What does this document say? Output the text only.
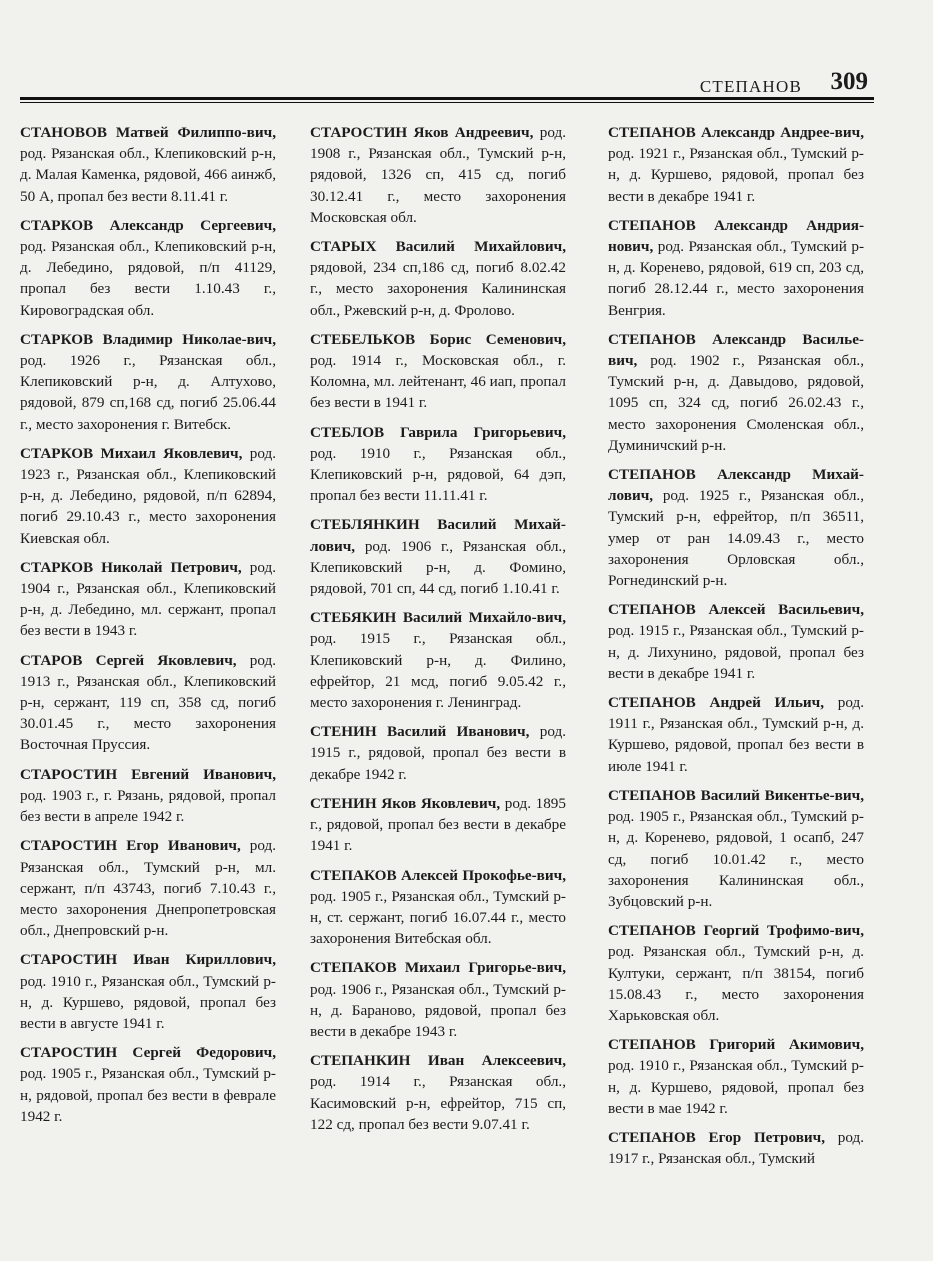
СТЕПАНОВ 309

СТАНОВОВ Матвей Филиппо-вич, род. Рязанская обл., Клепиковский р-н, д. Малая Каменка, рядовой, 466 аинжб, 50 А, пропал без вести 8.11.41 г.

СТАРКОВ Александр Сергеевич, род. Рязанская обл., Клепиковский р-н, д. Лебедино, рядовой, п/п 41129, пропал без вести 1.10.43 г., Кировоградская обл.

СТАРКОВ Владимир Николае-вич, род. 1926 г., Рязанская обл., Клепиковский р-н, д. Алтухово, рядовой, 879 сп,168 сд, погиб 25.06.44 г., место захоронения г. Витебск.

СТАРКОВ Михаил Яковлевич, род. 1923 г., Рязанская обл., Клепиковский р-н, д. Лебедино, рядовой, п/п 62894, погиб 29.10.43 г., место захоронения Киевская обл.

СТАРКОВ Николай Петрович, род. 1904 г., Рязанская обл., Клепиковский р-н, д. Лебедино, мл. сержант, пропал без вести в 1943 г.

СТАРОВ Сергей Яковлевич, род. 1913 г., Рязанская обл., Клепиковский р-н, сержант, 119 сп, 358 сд, погиб 30.01.45 г., место захоронения Восточная Пруссия.

СТАРОСТИН Евгений Иванович, род. 1903 г., г. Рязань, рядовой, пропал без вести в апреле 1942 г.

СТАРОСТИН Егор Иванович, род. Рязанская обл., Тумский р-н, мл. сержант, п/п 43743, погиб 7.10.43 г., место захоронения Днепропетровская обл., Днепровский р-н.

СТАРОСТИН Иван Кириллович, род. 1910 г., Рязанская обл., Тумский р-н, д. Куршево, рядовой, пропал без вести в августе 1941 г.

СТАРОСТИН Сергей Федорович, род. 1905 г., Рязанская обл., Тумский р-н, рядовой, пропал без вести в феврале 1942 г.

СТАРОСТИН Яков Андреевич, род. 1908 г., Рязанская обл., Тумский р-н, рядовой, 1326 сп, 415 сд, погиб 30.12.41 г., место захоронения Московская обл.

СТАРЫХ Василий Михайлович, рядовой, 234 сп,186 сд, погиб 8.02.42 г., место захоронения Калининская обл., Ржевский р-н, д. Фролово.

СТЕБЕЛЬКОВ Борис Семенович, род. 1914 г., Московская обл., г. Коломна, мл. лейтенант, 46 иап, пропал без вести в 1941 г.

СТЕБЛОВ Гаврила Григорьевич, род. 1910 г., Рязанская обл., Клепиковский р-н, рядовой, 64 дэп, пропал без вести 11.11.41 г.

СТЕБЛЯНКИН Василий Михай-лович, род. 1906 г., Рязанская обл., Клепиковский р-н, д. Фомино, рядовой, 701 сп, 44 сд, погиб 1.10.41 г.

СТЕБЯКИН Василий Михайло-вич, род. 1915 г., Рязанская обл., Клепиковский р-н, д. Филино, ефрейтор, 21 мсд, погиб 9.05.42 г., место захоронения г. Ленинград.

СТЕНИН Василий Иванович, род. 1915 г., рядовой, пропал без вести в декабре 1942 г.

СТЕНИН Яков Яковлевич, род. 1895 г., рядовой, пропал без вести в декабре 1941 г.

СТЕПАКОВ Алексей Прокофье-вич, род. 1905 г., Рязанская обл., Тумский р-н, ст. сержант, погиб 16.07.44 г., место захоронения Витебская обл.

СТЕПАКОВ Михаил Григорье-вич, род. 1906 г., Рязанская обл., Тумский р-н, д. Бараново, рядовой, пропал без вести в декабре 1943 г.

СТЕПАНКИН Иван Алексеевич, род. 1914 г., Рязанская обл., Касимовский р-н, ефрейтор, 715 сп, 122 сд, пропал без вести 9.07.41 г.

СТЕПАНОВ Александр Андрее-вич, род. 1921 г., Рязанская обл., Тумский р-н, д. Куршево, рядовой, пропал без вести в декабре 1941 г.

СТЕПАНОВ Александр Андрия-нович, род. Рязанская обл., Тумский р-н, д. Коренево, рядовой, 619 сп, 203 сд, погиб 28.12.44 г., место захоронения Венгрия.

СТЕПАНОВ Александр Василье-вич, род. 1902 г., Рязанская обл., Тумский р-н, д. Давыдово, рядовой, 1095 сп, 324 сд, погиб 26.02.43 г., место захоронения Смоленская обл., Думиничский р-н.

СТЕПАНОВ Александр Михай-лович, род. 1925 г., Рязанская обл., Тумский р-н, ефрейтор, п/п 36511, умер от ран 14.09.43 г., место захоронения Орловская обл., Рогнединский р-н.

СТЕПАНОВ Алексей Васильевич, род. 1915 г., Рязанская обл., Тумский р-н, д. Лихунино, рядовой, пропал без вести в декабре 1941 г.

СТЕПАНОВ Андрей Ильич, род. 1911 г., Рязанская обл., Тумский р-н, д. Куршево, рядовой, пропал без вести в июле 1941 г.

СТЕПАНОВ Василий Викентье-вич, род. 1905 г., Рязанская обл., Тумский р-н, д. Коренево, рядовой, 1 осапб, 247 сд, погиб 10.01.42 г., место захоронения Калининская обл., Зубцовский р-н.

СТЕПАНОВ Георгий Трофимо-вич, род. Рязанская обл., Тумский р-н, д. Култуки, сержант, п/п 38154, погиб 15.08.43 г., место захоронения Харьковская обл.

СТЕПАНОВ Григорий Акимович, род. 1910 г., Рязанская обл., Тумский р-н, д. Куршево, рядовой, пропал без вести в мае 1942 г.

СТЕПАНОВ Егор Петрович, род. 1917 г., Рязанская обл., Тумский
